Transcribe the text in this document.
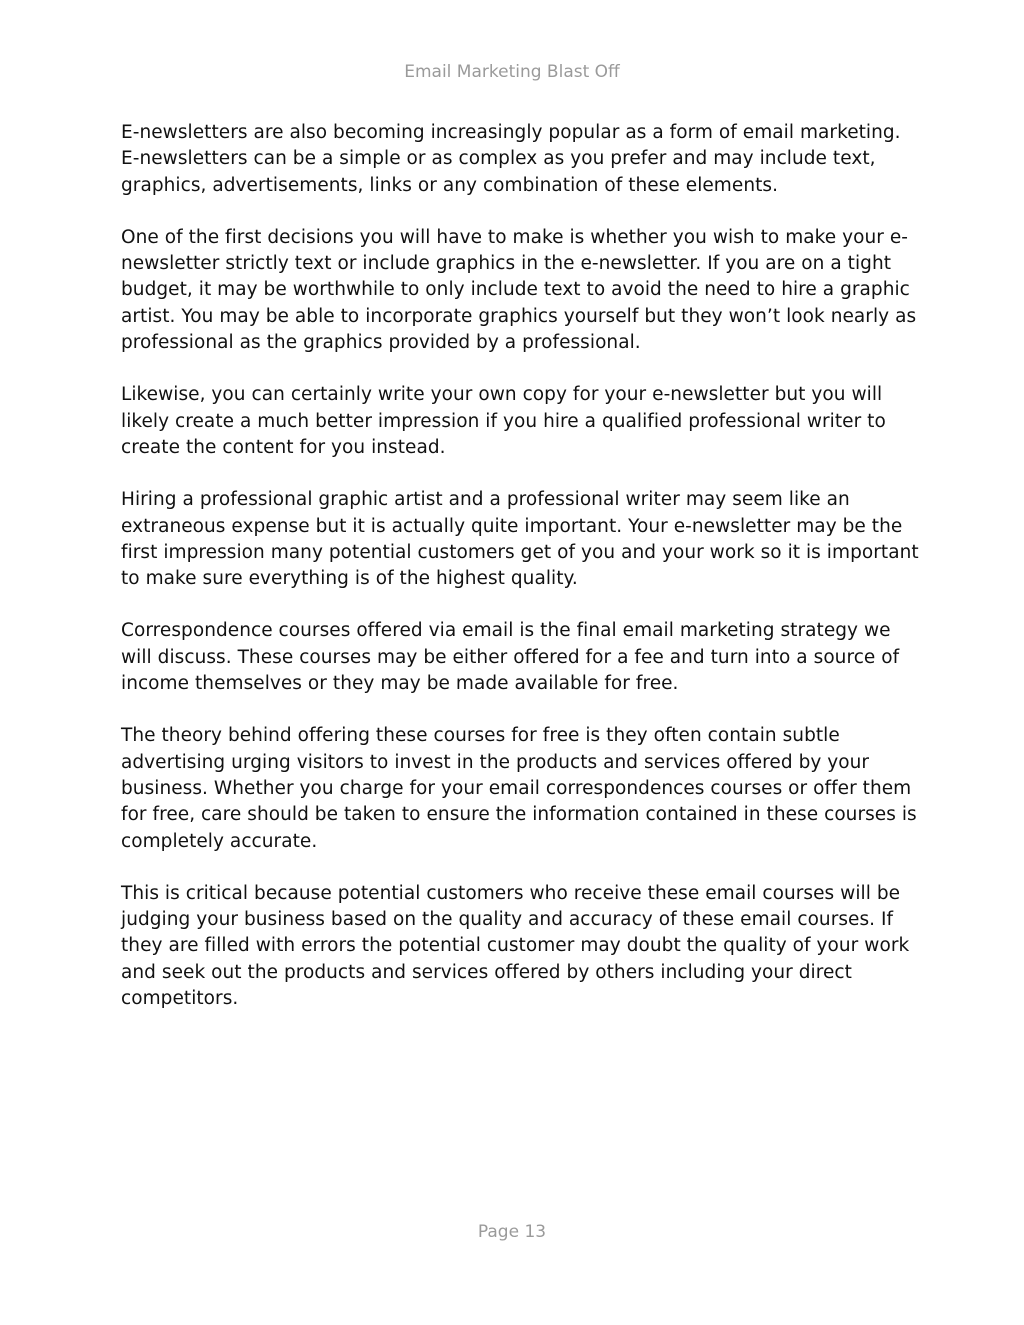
Email Marketing Blast Off

E-newsletters are also becoming increasingly popular as a form of email marketing. E-newsletters can be a simple or as complex as you prefer and may include text, graphics, advertisements, links or any combination of these elements.

One of the first decisions you will have to make is whether you wish to make your e-newsletter strictly text or include graphics in the e-newsletter. If you are on a tight budget, it may be worthwhile to only include text to avoid the need to hire a graphic artist. You may be able to incorporate graphics yourself but they won’t look nearly as professional as the graphics provided by a professional.

Likewise, you can certainly write your own copy for your e-newsletter but you will likely create a much better impression if you hire a qualified professional writer to create the content for you instead.

Hiring a professional graphic artist and a professional writer may seem like an extraneous expense but it is actually quite important. Your e-newsletter may be the first impression many potential customers get of you and your work so it is important to make sure everything is of the highest quality.

Correspondence courses offered via email is the final email marketing strategy we will discuss. These courses may be either offered for a fee and turn into a source of income themselves or they may be made available for free.

The theory behind offering these courses for free is they often contain subtle advertising urging visitors to invest in the products and services offered by your business. Whether you charge for your email correspondences courses or offer them for free, care should be taken to ensure the information contained in these courses is completely accurate.

This is critical because potential customers who receive these email courses will be judging your business based on the quality and accuracy of these email courses. If they are filled with errors the potential customer may doubt the quality of your work and seek out the products and services offered by others including your direct competitors.

Page 13
